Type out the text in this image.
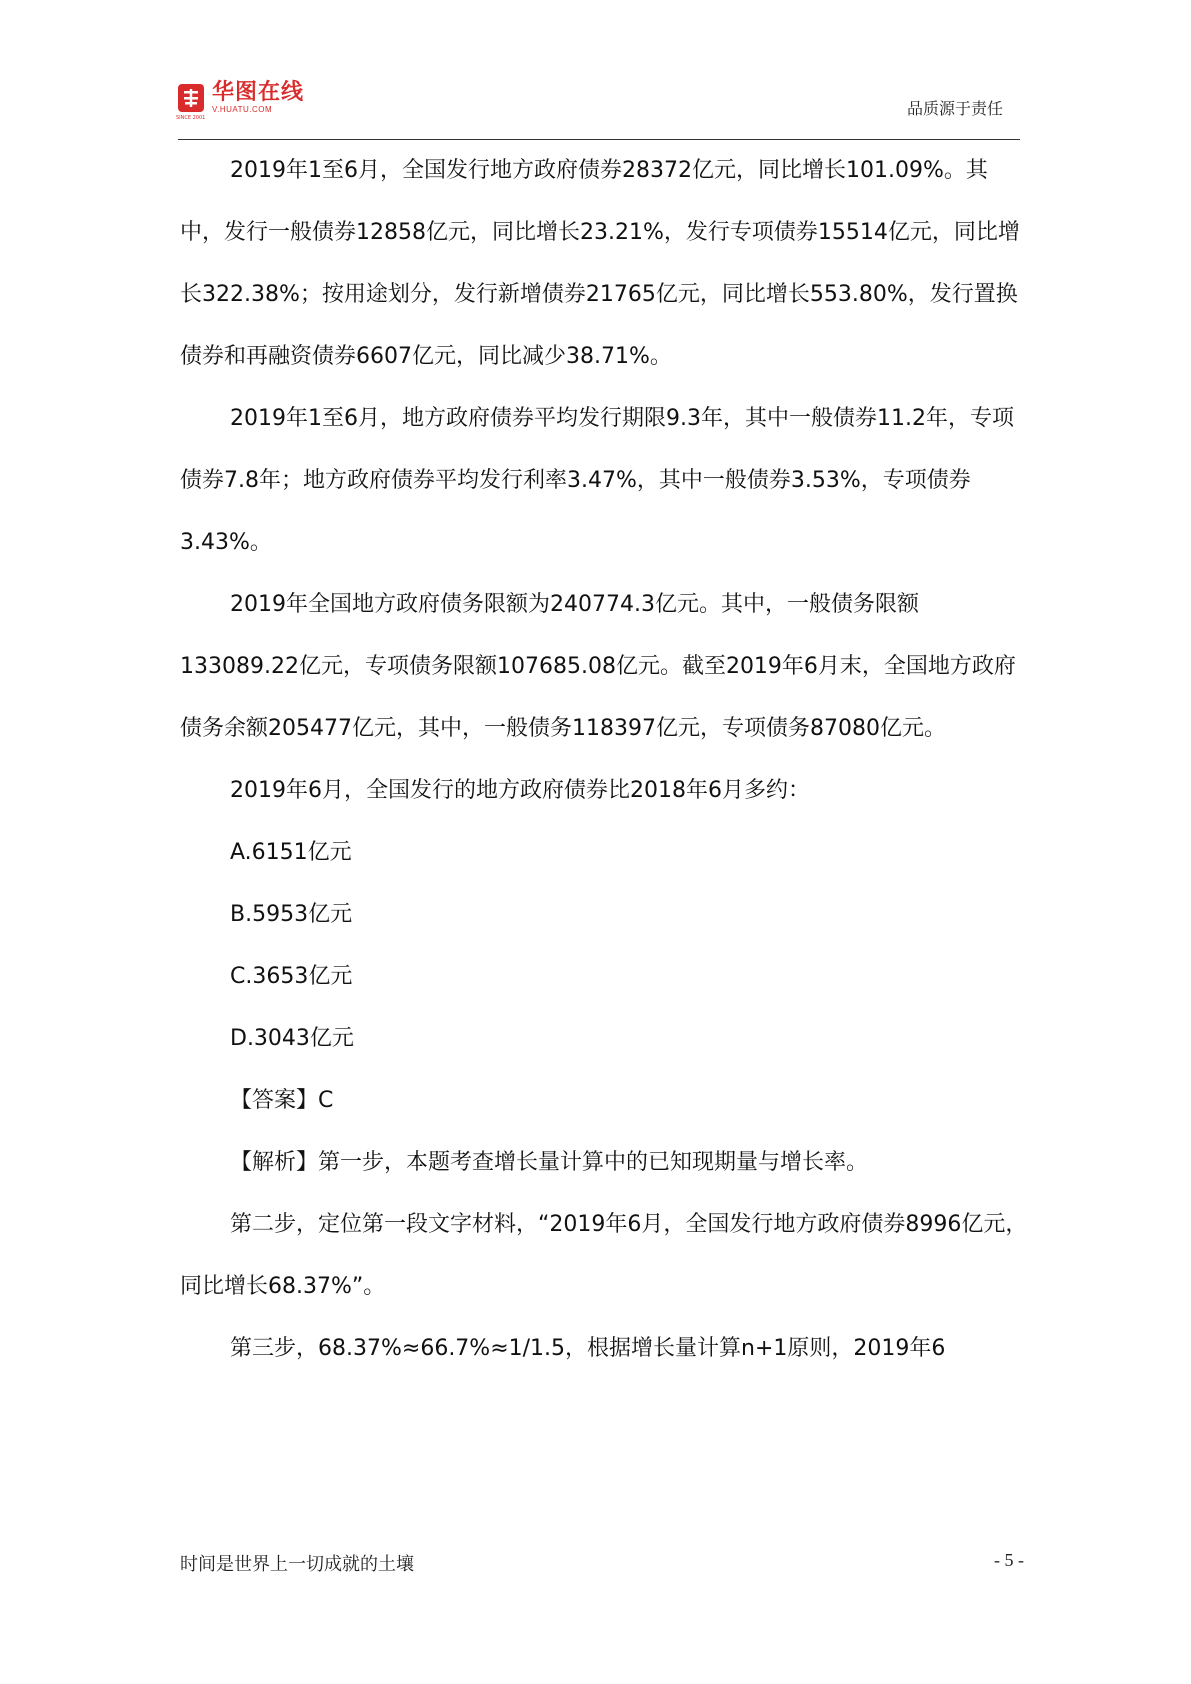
SINCE 2001
华图在线
V.HUATU.COM	品质源于责任

2019年1至6月，全国发行地方政府债券28372亿元，同比增长101.09%。其中，发行一般债券12858亿元，同比增长23.21%，发行专项债券15514亿元，同比增长322.38%；按用途划分，发行新增债券21765亿元，同比增长553.80%，发行置换债券和再融资债券6607亿元，同比减少38.71%。

2019年1至6月，地方政府债券平均发行期限9.3年，其中一般债券11.2年，专项债券7.8年；地方政府债券平均发行利率3.47%，其中一般债券3.53%，专项债券3.43%。

2019年全国地方政府债务限额为240774.3亿元。其中，一般债务限额133089.22亿元，专项债务限额107685.08亿元。截至2019年6月末，全国地方政府债务余额205477亿元，其中，一般债务118397亿元，专项债务87080亿元。

2019年6月，全国发行的地方政府债券比2018年6月多约：

A.6151亿元
B.5953亿元
C.3653亿元
D.3043亿元
【答案】C
【解析】第一步，本题考查增长量计算中的已知现期量与增长率。

第二步，定位第一段文字材料，“2019年6月，全国发行地方政府债券8996亿元，同比增长68.37%”。

第三步，68.37%≈66.7%≈1/1.5，根据增长量计算n+1原则，2019年6

时间是世界上一切成就的土壤	- 5 -
